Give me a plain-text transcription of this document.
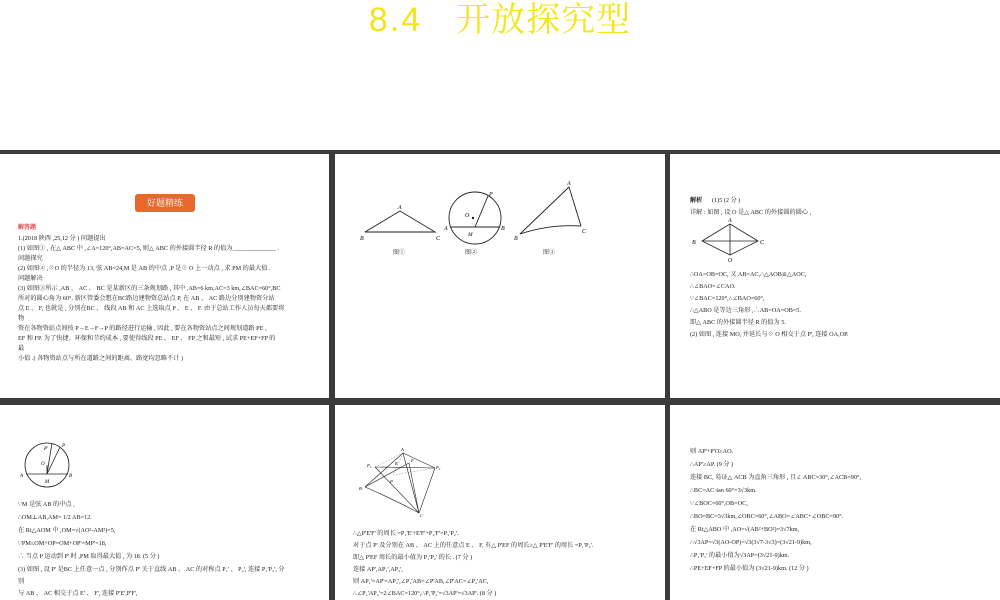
8.4 开放探究型
好题精练
解答题
1.(2018 陕西 ,25,12 分 ) 问题提出
(1) 如图① , 在△ ABC 中 ,∠A=120°,AB=AC=5, 则△ ABC 的外接圆半径 R 的值为______________ .
问题探究
(2) 如图② ,☉O 的半径为 13, 弦 AB=24,M 是 AB 的中点 ,P 是☉ O 上一动点 , 求 PM 的最大值 .
问题解决
(3) 如图③所示 ,AB 、 AC 、 BC 是某新区的三条规划路 , 其中 ,AB=6 km,AC=3 km,∠BAC=60°,BC
所对的圆心角为 60°. 新区管委会想在BC路边建物资总站点 P, 在 AB 、 AC 路边分别建物资分站
点 E 、 F, 也就是 , 分别在BC 、 线段 AB 和 AC 上选取点 P 、 E 、 F. 由于总站工作人员每天都要将
物
资在各物资站点间按 P→E→F→P 的路径进行运输 , 因此 , 要在各物资站点之间规划道路 PE 、
EF 和 FP. 为了快捷、环保和节约成本 , 要使得线段 PE 、 EF 、 FP 之和最短 , 试求 PE+EF+FP 的
最
小值 .( 各物资站点与所在道路之间的距离、路宽均忽略不计 )
A
B	C
O
M
P
A	B
A
B
C
图①	图②	图③
解析 (1)5 (2 分 )
详解 : 如图 , 设 O 是△ ABC 的外接圆的圆心 ,
A
B	C
O
∴OA=OB=OC, 又 AB=AC,∴△AOB≌△AOC,
∴∠BAO=∠CAO.
∵∠BAC=120°,∴∠BAO=60°,
∴△ABO 是等边三角形 ,∴AB=OA=OB=5.
即△ ABC 的外接圆半径 R 的值为 5.
(2) 如图 , 连接 MO, 并延长与☉ O 相交于点 P', 连接 OA,OP.
P'
P
O
A	B
M
∵M 是弦 AB 的中点 ,
∴OM⊥AB,AM= 1/2 AB=12.
在 Rt△AOM 中 ,OM=√(AO²-AM²)=5,
∵PM≤OM+OP=OM+OP'=MP'=18,
∴ 当点 P 运动到 P' 时 ,PM 取得最大值 , 为 18. (5 分 )
(3) 如图 , 设 P' 是BC 上任意一点 , 分别作点 P' 关于直线 AB 、 AC 的对称点 P₁' 、 P₂', 连接 P₁'P₂', 分
别
与 AB 、 AC 相交于点 E' 、 F', 连接 P'E',P'F',
A
P₁	P₂
E
F
B
C
P
∴△P'E'F' 的周长 =P₁'E'+E'F'+P₂'F'=P₁'P₂'.
对于点 P' 及分别在 AB 、 AC 上的任意点 E 、 F, 有△ P'EF 的周长≥△ P'E'F' 的周长 =P₁'P₂'.
即△ P'EF 周长的最小值为 P₁'P₂' 的长 . (7 分 )
连接 AP',AP₁',AP₂',
则 AP₁'=AP'=AP₂',∠P₁'AB=∠P'AB,∠P'AC=∠P₂'AC,
∴∠P₁'AP₂'=2∠BAC=120°,∴P₁'P₂'=√3AP'=√3AP'. (8 分 )
则 AP'+P'O≥AO.
∴AP'≥AP. (9 分 )
连接 BC, 易证△ ACB 为直角三角形 , 且∠ ABC=30°,∠ACB=90°,
∴BC=AC·tan 60°=3√3km.
∵∠BOC=60°,OB=OC,
∴BO=BC=3√3km,∠OBC=60°,∠ABO=∠ABC+∠OBC=90°.
在 Rt△ABO 中 ,AO=√(AB²+BO²)=3√7km,
∴√3AP=√3(AO-OP)=√3(3√7-3√3)=(3√21-9)km,
∴P₁'P₂' 的最小值为√3AP=(3√21-9)km.
∴PE+EF+FP 的最小值为 (3√21-9)km. (12 分 )
